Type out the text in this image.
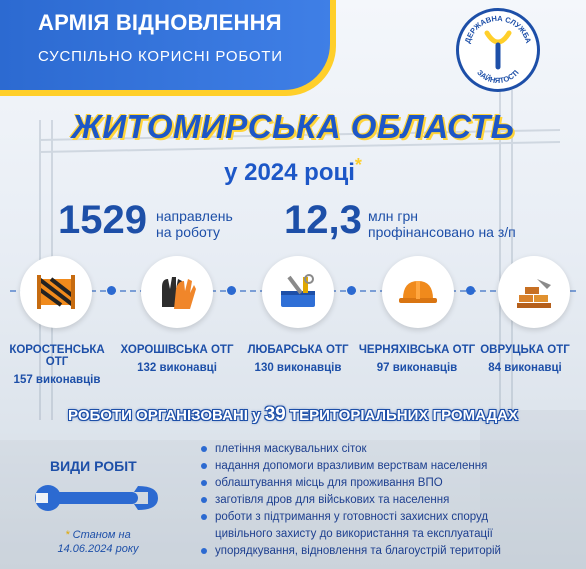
АРМІЯ ВІДНОВЛЕННЯ
СУСПІЛЬНО КОРИСНІ РОБОТИ
ДЕРЖАВНА СЛУЖБА
ЗАЙНЯТОСТІ
ЖИТОМИРСЬКА ОБЛАСТЬ
у 2024 році*
1529 направлень
на роботу	12,3 млн грн
профінансовано на з/п
КОРОСТЕНСЬКА ОТГ
157 виконавців
ХОРОШІВСЬКА ОТГ
132 виконавці
ЛЮБАРСЬКА ОТГ
130 виконавців
ЧЕРНЯХІВСЬКА ОТГ
97 виконавців
ОВРУЦЬКА ОТГ
84 виконавці
РОБОТИ ОРГАНІЗОВАНІ у 39 ТЕРИТОРІАЛЬНИХ ГРОМАДАХ
ВИДИ РОБІТ
* Станом на
14.06.2024 року
плетіння маскувальних сіток
надання допомоги вразливим верствам населення
облаштування місць для проживання ВПО
заготівля дров для військових та населення
роботи з підтримання у готовності захисних споруд
цивільного захисту до використання та експлуатації
упорядкування, відновлення та благоустрій територій
